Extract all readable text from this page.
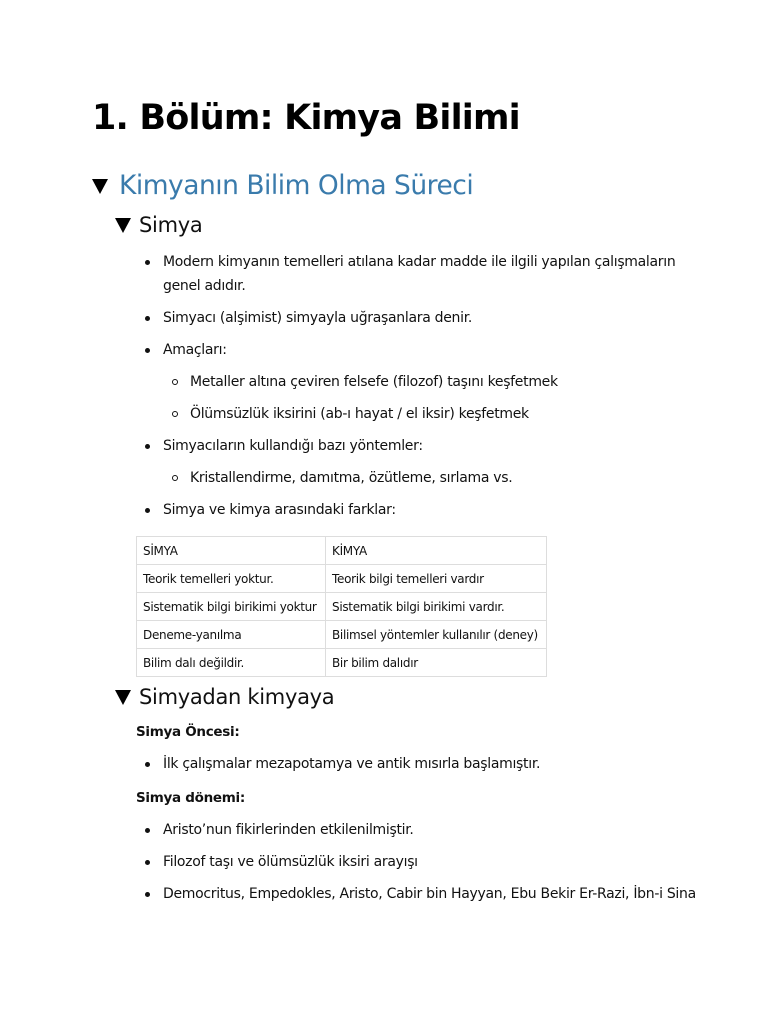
1. Bölüm: Kimya Bilimi
Kimyanın Bilim Olma Süreci
Simya
Modern kimyanın temelleri atılana kadar madde ile ilgili yapılan çalışmaların genel adıdır.
Simyacı (alşimist) simyayla uğraşanlara denir.
Amaçları:
Metaller altına çeviren felsefe (filozof) taşını keşfetmek
Ölümsüzlük iksirini (ab-ı hayat / el iksir) keşfetmek
Simyacıların kullandığı bazı yöntemler:
Kristallendirme, damıtma, özütleme, sırlama vs.
Simya ve kimya arasındaki farklar:
SİMYA	KİMYA
Teorik temelleri yoktur.	Teorik bilgi temelleri vardır
Sistematik bilgi birikimi yoktur	Sistematik bilgi birikimi vardır.
Deneme-yanılma	Bilimsel yöntemler kullanılır (deney)
Bilim dalı değildir.	Bir bilim dalıdır
Simyadan kimyaya
Simya Öncesi:
İlk çalışmalar mezapotamya ve antik mısırla başlamıştır.
Simya dönemi:
Aristo’nun fikirlerinden etkilenilmiştir.
Filozof taşı ve ölümsüzlük iksiri arayışı
Democritus, Empedokles, Aristo, Cabir bin Hayyan, Ebu Bekir Er-Razi, İbn-i Sina
